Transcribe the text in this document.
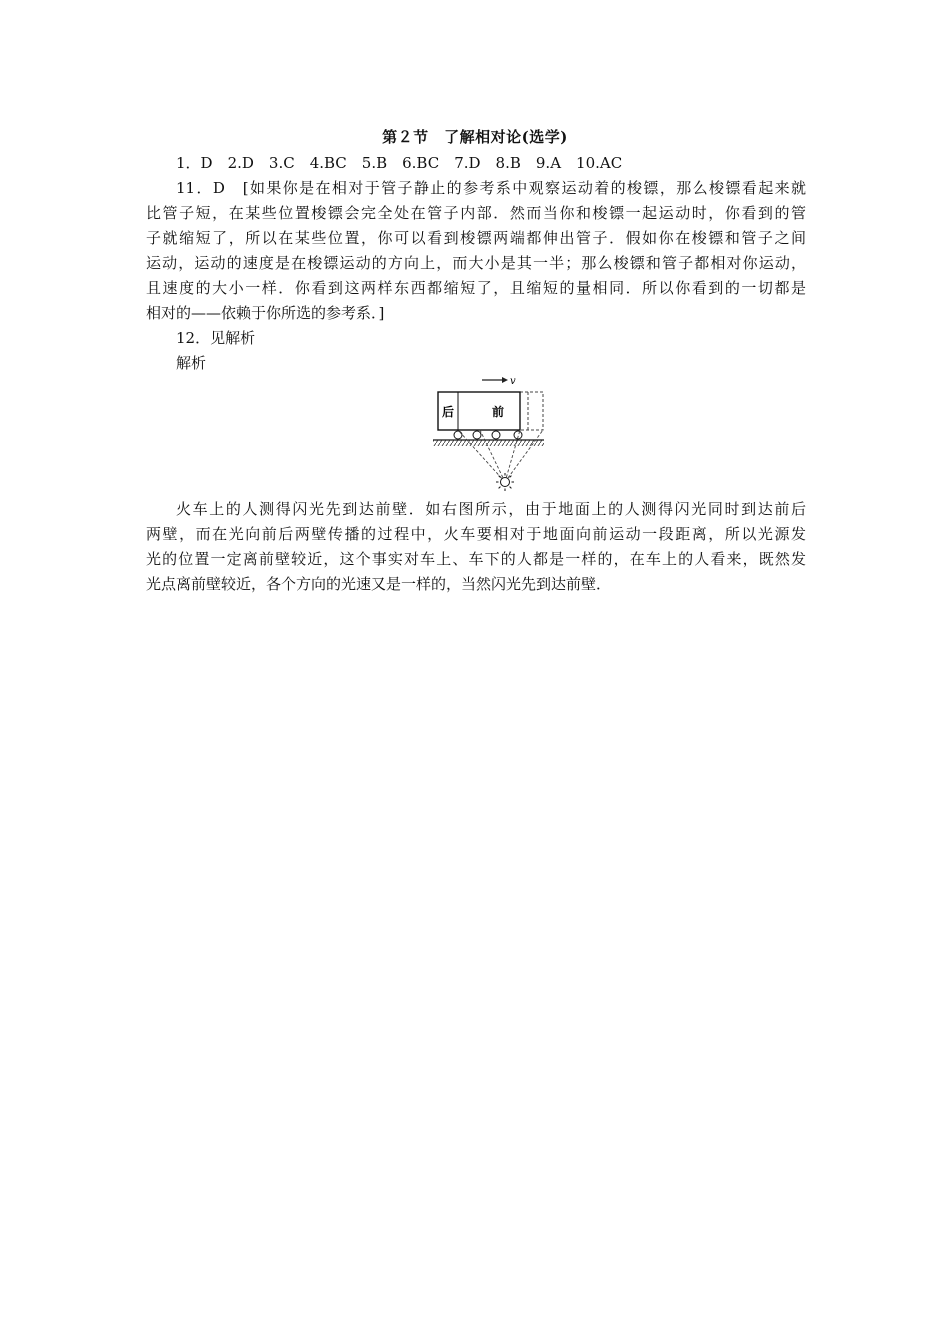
第２节　了解相对论(选学)
1．D　2.D　3.C　4.BC　5.B　6.BC　7.D　8.B　9.A　10.AC
11．D　[如果你是在相对于管子静止的参考系中观察运动着的梭镖，那么梭镖看起来就
比管子短，在某些位置梭镖会完全处在管子内部．然而当你和梭镖一起运动时，你看到的管
子就缩短了，所以在某些位置，你可以看到梭镖两端都伸出管子．假如你在梭镖和管子之间
运动，运动的速度是在梭镖运动的方向上，而大小是其一半；那么梭镖和管子都相对你运动，
且速度的大小一样．你看到这两样东西都缩短了，且缩短的量相同．所以你看到的一切都是
相对的——依赖于你所选的参考系．]
12．见解析
解析
v
后	前
火车上的人测得闪光先到达前壁．如右图所示，由于地面上的人测得闪光同时到达前后
两壁，而在光向前后两壁传播的过程中，火车要相对于地面向前运动一段距离，所以光源发
光的位置一定离前壁较近，这个事实对车上、车下的人都是一样的，在车上的人看来，既然发
光点离前壁较近，各个方向的光速又是一样的，当然闪光先到达前壁．
